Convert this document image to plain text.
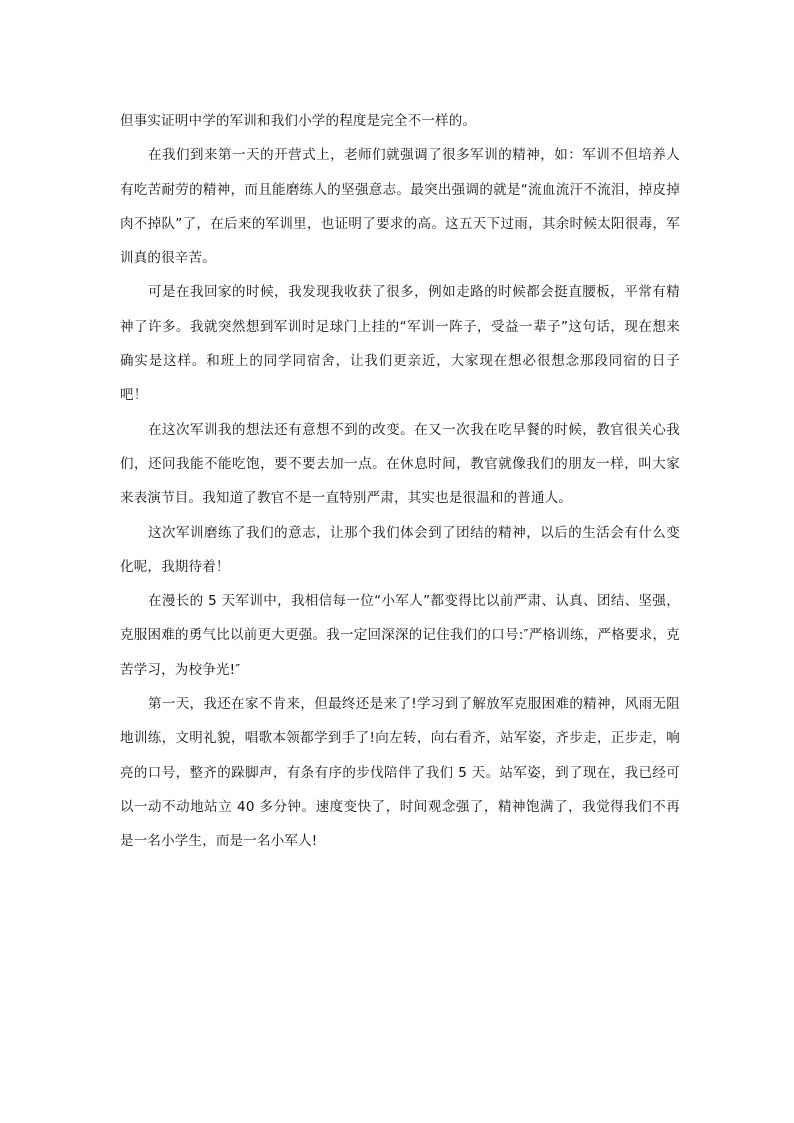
但事实证明中学的军训和我们小学的程度是完全不一样的。

在我们到来第一天的开营式上，老师们就强调了很多军训的精神，如：军训不但培养人有吃苦耐劳的精神，而且能磨练人的坚强意志。最突出强调的就是“流血流汗不流泪，掉皮掉肉不掉队”了，在后来的军训里，也证明了要求的高。这五天下过雨，其余时候太阳很毒，军训真的很辛苦。

可是在我回家的时候，我发现我收获了很多，例如走路的时候都会挺直腰板，平常有精神了许多。我就突然想到军训时足球门上挂的“军训一阵子，受益一辈子”这句话，现在想来确实是这样。和班上的同学同宿舍，让我们更亲近，大家现在想必很想念那段同宿的日子吧！

在这次军训我的想法还有意想不到的改变。在又一次我在吃早餐的时候，教官很关心我们，还问我能不能吃饱，要不要去加一点。在休息时间，教官就像我们的朋友一样，叫大家来表演节目。我知道了教官不是一直特别严肃，其实也是很温和的普通人。

这次军训磨练了我们的意志，让那个我们体会到了团结的精神，以后的生活会有什么变化呢，我期待着！

在漫长的 5 天军训中，我相信每一位“小军人”都变得比以前严肃、认真、团结、坚强，克服困难的勇气比以前更大更强。我一定回深深的记住我们的口号:″严格训练，严格要求，克苦学习，为校争光!″

第一天，我还在家不肯来，但最终还是来了!学习到了解放军克服困难的精神，风雨无阻地训练，文明礼貌，唱歌本领都学到手了!向左转，向右看齐，站军姿，齐步走，正步走，响亮的口号，整齐的跺脚声，有条有序的步伐陪伴了我们 5 天。站军姿，到了现在，我已经可以一动不动地站立 40 多分钟。速度变快了，时间观念强了，精神饱满了，我觉得我们不再是一名小学生，而是一名小军人!
